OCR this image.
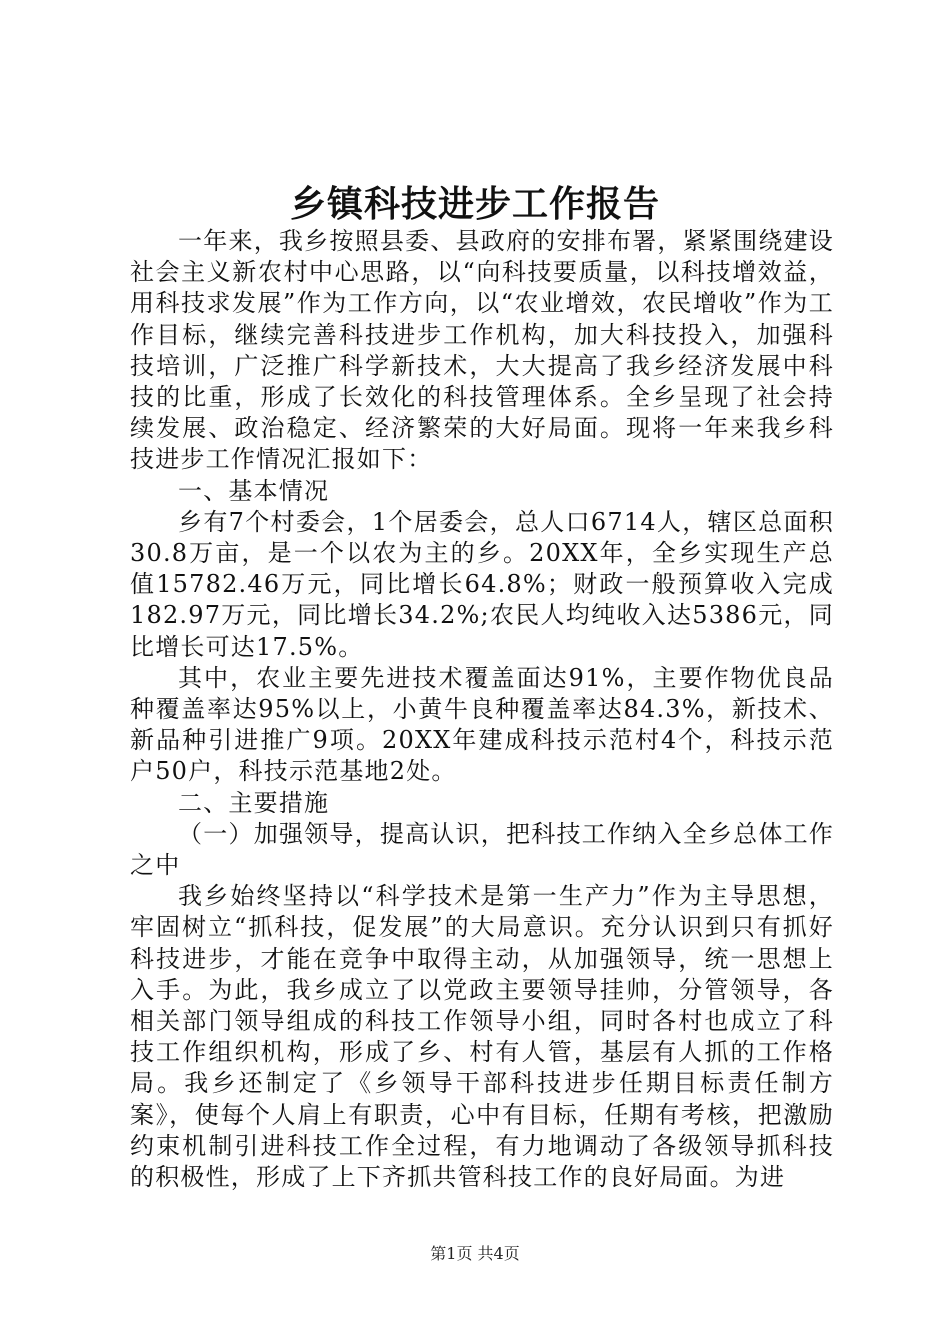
乡镇科技进步工作报告

一年来，我乡按照县委、县政府的安排布署，紧紧围绕建设社会主义新农村中心思路，以“向科技要质量，以科技增效益，用科技求发展”作为工作方向，以“农业增效，农民增收”作为工作目标，继续完善科技进步工作机构，加大科技投入，加强科技培训，广泛推广科学新技术，大大提高了我乡经济发展中科技的比重，形成了长效化的科技管理体系。全乡呈现了社会持续发展、政治稳定、经济繁荣的大好局面。现将一年来我乡科技进步工作情况汇报如下：

一、基本情况

乡有7个村委会，1个居委会，总人口6714人，辖区总面积30.8万亩，是一个以农为主的乡。20XX年，全乡实现生产总值15782.46万元，同比增长64.8%；财政一般预算收入完成182.97万元，同比增长34.2%;农民人均纯收入达5386元，同比增长可达17.5%。

其中，农业主要先进技术覆盖面达91%，主要作物优良品种覆盖率达95%以上，小黄牛良种覆盖率达84.3%，新技术、新品种引进推广9项。20XX年建成科技示范村4个，科技示范户50户，科技示范基地2处。

二、主要措施

（一）加强领导，提高认识，把科技工作纳入全乡总体工作之中

我乡始终坚持以“科学技术是第一生产力”作为主导思想，牢固树立“抓科技，促发展”的大局意识。充分认识到只有抓好科技进步，才能在竞争中取得主动，从加强领导，统一思想上入手。为此，我乡成立了以党政主要领导挂帅，分管领导，各相关部门领导组成的科技工作领导小组，同时各村也成立了科技工作组织机构，形成了乡、村有人管，基层有人抓的工作格局。我乡还制定了《乡领导干部科技进步任期目标责任制方案》，使每个人肩上有职责，心中有目标，任期有考核，把激励约束机制引进科技工作全过程，有力地调动了各级领导抓科技的积极性，形成了上下齐抓共管科技工作的良好局面。为进

第1页 共4页
